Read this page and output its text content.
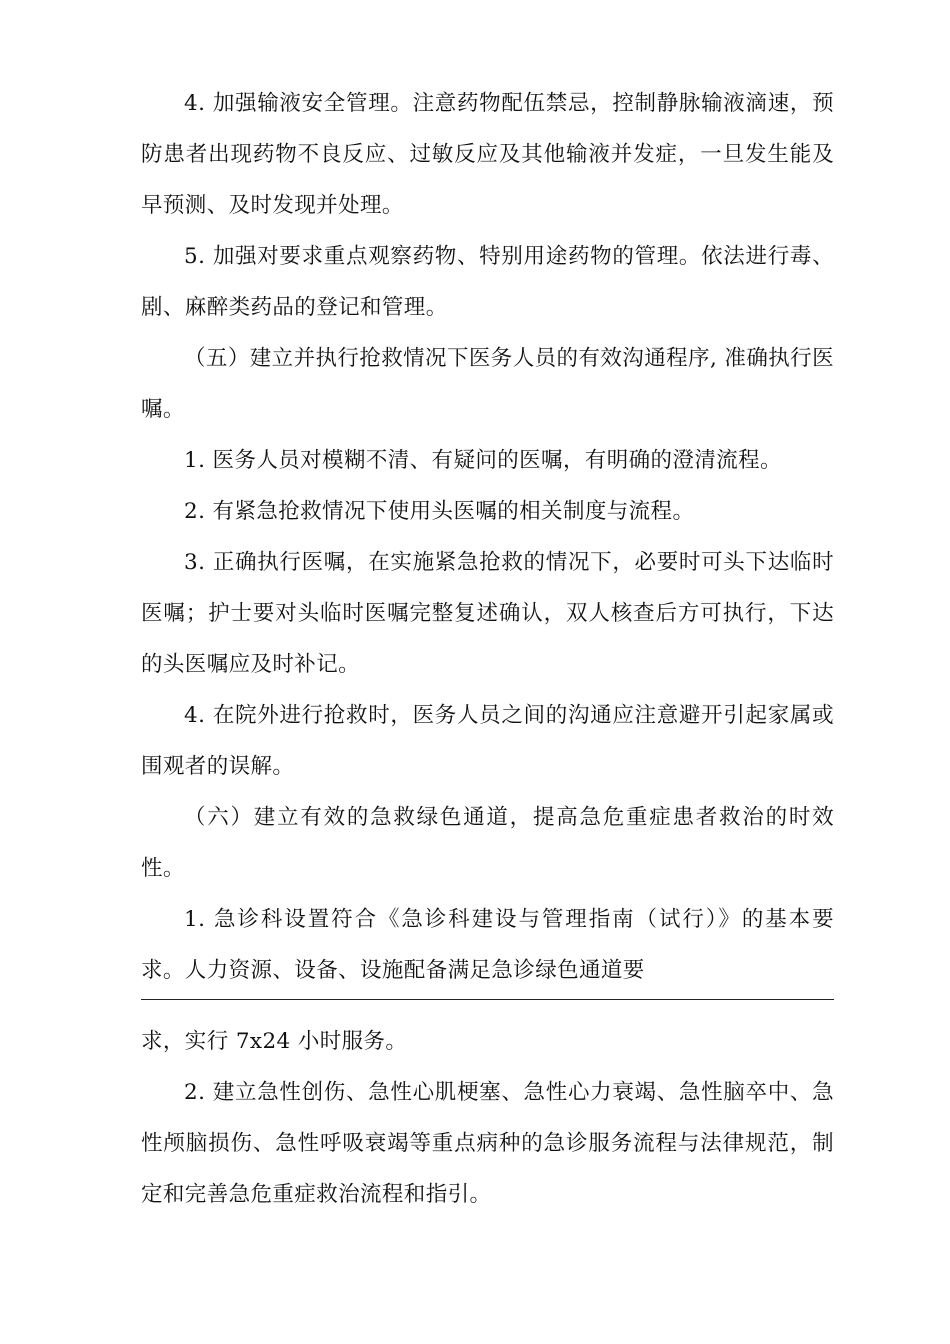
4. 加强输液安全管理。注意药物配伍禁忌，控制静脉输液滴速，预防患者出现药物不良反应、过敏反应及其他输液并发症，一旦发生能及早预测、及时发现并处理。

5. 加强对要求重点观察药物、特别用途药物的管理。依法进行毒、剧、麻醉类药品的登记和管理。

（五）建立并执行抢救情况下医务人员的有效沟通程序, 准确执行医嘱。

1. 医务人员对模糊不清、有疑问的医嘱，有明确的澄清流程。

2. 有紧急抢救情况下使用头医嘱的相关制度与流程。

3. 正确执行医嘱，在实施紧急抢救的情况下，必要时可头下达临时医嘱；护士要对头临时医嘱完整复述确认，双人核查后方可执行，下达的头医嘱应及时补记。

4. 在院外进行抢救时，医务人员之间的沟通应注意避开引起家属或围观者的误解。

（六）建立有效的急救绿色通道，提高急危重症患者救治的时效性。

1. 急诊科设置符合《急诊科建设与管理指南（试行）》的基本要求。人力资源、设备、设施配备满足急诊绿色通道要

求，实行 7x24 小时服务。

2. 建立急性创伤、急性心肌梗塞、急性心力衰竭、急性脑卒中、急性颅脑损伤、急性呼吸衰竭等重点病种的急诊服务流程与法律规范，制定和完善急危重症救治流程和指引。
